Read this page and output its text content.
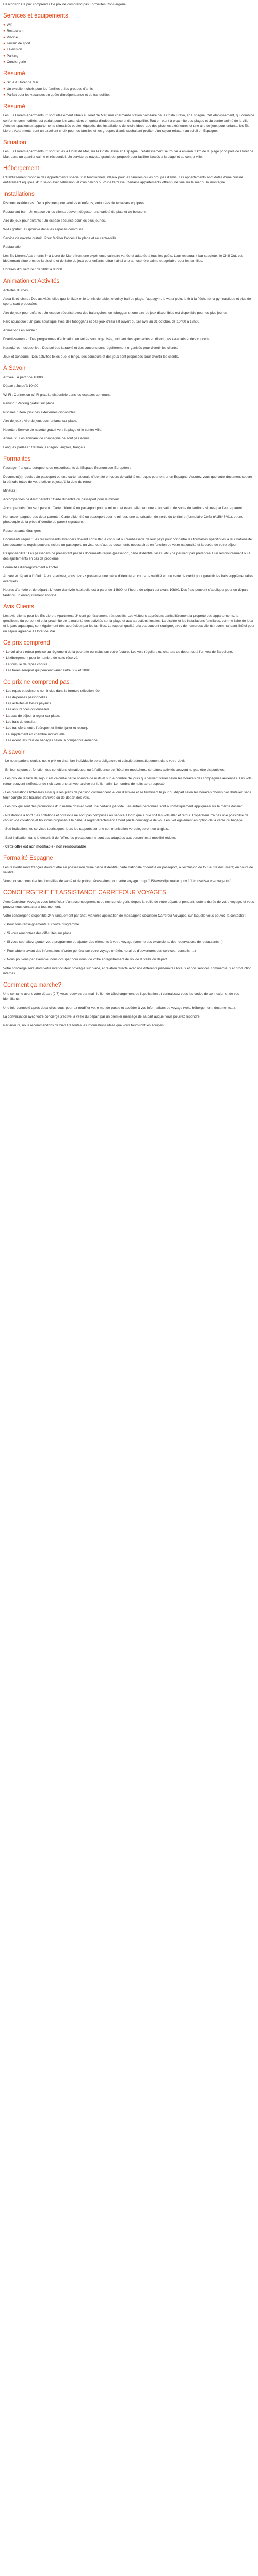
Description Ce prix comprend / Ce prix ne comprend pas Formalités Conciergerie

Services et équipements
● Wifi
● Restaurant
● Piscine
● Terrain de sport
● Télévision
● Parking
● Conciergerie
Résumé
● Situé à Lloret de Mar.
● Un excellent choix pour les familles et les groupes d'amis
● Parfait pour les vacances en quête d'indépendance et de tranquillité.
Résumé

Les Els Llorers Apartments 3* sont idéalement situés à Lloret de Mar, une charmante station balnéaire de la Costa Brava, en Espagne. Cet établissement, qui combine confort et commodités, est parfait pour les vacanciers en quête d'indépendance et de tranquillité. Tout en étant à proximité des plages et du centre animé de la ville. Avec de spacieuses appartements climatisés et bien équipés, des installations de loisirs idées que des piscines extérieures et une aire de jeux pour enfants, les Els Llorers Apartments sont un excellent choix pour les familles et les groupes d'amis souhaitant profiter d'un séjour relaxant au soleil en Espagne.

Situation

Les Els Llorers Apartments 3* sont situés à Lloret de Mar, sur la Costa Brava en Espagne. L'établissement se trouve à environ 1 km de la plage principale de Lloret de Mar, dans un quartier calme et résidentiel. Un service de navette gratuit est proposé pour faciliter l'accès à la plage et au centre-ville.

Hébergement

L'établissement propose des appartements spacieux et fonctionnels, idéaux pour les familles ou les groupes d'amis. Les appartements sont dotés d'une cuisine entièrement équipée, d'un salon avec télévision, et d'un balcon ou d'une terrasse. Certains appartements offrent une vue sur la mer ou la montagne.

Installations

Piscines extérieures : Deux piscines pour adultes et enfants, entourées de terrasses équipées.

Restaurant-bar : Un espace où les clients peuvent déguster une variété de plats et de boissons.

Aire de jeux pour enfants : Un espace sécurisé pour les plus jeunes.

Wi-Fi gratuit : Disponible dans les espaces communs.

Service de navette gratuit : Pour faciliter l'accès à la plage et au centre-ville.

Restauration

Les Els Llorers Apartments 3* à Lloret de Mar offrent une expérience culinaire variée et adaptée à tous les goûts. Leur restaurant-bar spacieux, le Chill Out, est idéalement situé près de la piscine et de l'aire de jeux pour enfants, offrant ainsi une atmosphère calme et agréable pour les familles.

Horaires d'ouverture : de 9h00 à 00h00.

Animation et Activités

Activités diurnes :

Aqua-fit et loisirs : Des activités telles que le tiktok et le tennis de table, le volley-ball de plage, l'aquagym, le water polo, le tir à la fléchette, la gymnastique et plus de sports sont proposées.

Aire de jeux pour enfants : Un espace sécurisé avec des balançoires, un toboggan et une aire de jeux disponibles est disponible pour les plus jeunes.

Parc aquatique : Un parc aquatique avec des toboggans et des jeux d'eau est ouvert du 1er avril au 31 octobre, de 10h00 à 19h00.

Animations en soirée :

Divertissements : Des programmes d'animation en soirée sont organisés, incluant des spectacles en direct, des karaokés et des concerts.

Karaoké et musique live : Des soirées karaoké et des concerts sont régulièrement organisés pour divertir les clients.

Jeux et concours : Des activités telles que le bingo, des concours et des jeux sont proposées pour divertir les clients.

À Savoir

Arrivée : À partir de 16h00

Départ : Jusqu'à 10h00

Wi-Fi : Connexion Wi-Fi gratuite disponible dans les espaces communs.

Parking : Parking gratuit sur place.

Piscines : Deux piscines extérieures disponibles.

Aire de jeux : Aire de jeux pour enfants sur place.

Navette : Service de navette gratuit vers la plage et le centre-ville.

Animaux : Les animaux de compagnie ne sont pas admis.

Langues parlées : Catalan, espagnol, anglais, français.

Formalités

Passager français, européens ou ressortissants de l'Espace Économique Européen :

Document(s) requis : Un passeport ou une carte nationale d'identité en cours de validité est requis pour entrer en Espagne. Assurez-vous que votre document couvre la période totale de votre séjour et jusqu'à la date de retour.

Mineurs :

Accompagnés de deux parents : Carte d'identité ou passeport pour le mineur.

Accompagnés d'un seul parent : Carte d'identité ou passeport pour le mineur, et éventuellement une autorisation de sortie du territoire signée par l'autre parent.

Non accompagnés des deux parents : Carte d'identité ou passeport pour le mineur, une autorisation de sortie du territoire (formulaire Cerfa n°15646*01), et une photocopie de la pièce d'identité du parent signataire.

Ressortissants étrangers :

Documents requis : Les ressortissants étrangers doivent consulter le consulat ou l'ambassade de leur pays pour connaître les formalités spécifiques à leur nationalité. Les documents requis peuvent inclure un passeport, un visa, ou d'autres documents nécessaires en fonction de votre nationalité et la durée de votre séjour.

Responsabilité : Les passagers ne présentant pas les documents requis (passeport, carte d'identité, visas, etc.) ne peuvent pas prétendre à un remboursement ou à des ajustements en cas de problème.

Formalités d'enregistrement à l'hôtel :

Arrivée et départ à l'hôtel : À votre arrivée, vous devrez présenter une pièce d'identité en cours de validité et une carte de crédit pour garantir les frais supplémentaires éventuels.

Heures d'arrivée et de départ : L'heure d'arrivée habituelle est à partir de 14h00, et l'heure de départ est avant 10h00. Des frais peuvent s'appliquer pour un départ tardif ou un enregistrement anticipé.

Avis Clients

Les avis clients pour les Els Llorers Apartments 3* sont généralement très positifs. Les visiteurs apprécient particulièrement la propreté des appartements, la gentillesse du personnel et la proximité de la majorité des activités sur la plage et aux attractions locales. La piscine et les installations familiales, comme l'aire de jeux et le parc aquatique, sont également très appréciées par les familles. Le rapport qualité-prix est souvent souligné, avec de nombreux clients recommandant l'hôtel pour un séjour agréable à Lloret de Mar.

Ce prix comprend
• Le vol aller / retour précisé au règlement de la pochette ou inclus sur votre facture. Les vols réguliers ou charters au départ ou à l'arrivée de Barcelone.
• L'hébergement pour le nombre de nuits réservé.
• La formule de repas choisie.
• Les taxes aéroport qui peuvent varier entre 30€ et 100€.
Ce prix ne comprend pas
• Les repas et boissons non inclus dans la formule sélectionnée.
• Les dépenses personnelles.
• Les activités et loisirs payants.
• Les assurances optionnelles.
• La taxe de séjour à régler sur place.
• Les frais de dossier.
• Les transferts entre l'aéroport et l'hôtel (aller et retour).
• Le supplément en chambre individuelle.
• Les éventuels frais de bagages selon la compagnie aérienne.
À savoir

- Le nous parlons seulez, notre prix en chambre individuelle sera obligatoire et calculé automatiquement dans votre devis.

- En leur séjours et fonction des conditions climatiques, ou à l'affluence de l'hôtel en mode/hors, certaines activités peuvent ne pas être disponibles.

- Les prix de la taxe de séjour est calculée par le nombre de nuits et sur le nombre de jours qui peuvent varier selon les horaires des compagnies aériennes. Les vols retour peuvent s'effectuer de nuit avec une arrivée tardive sur le lit matin. Le nombre de nuits sera respecté.

- Les prestations hôtelières ainsi que les plans de pension commencent le jour d'arrivée et se terminent le jour du départ selon les horaires choisis par l'hôtelier, sans tenir compte des horaires d'arrivée ou de départ des vols.

- Les prix qui sont des promotions d'un même dossier n'ont une certaine période. Les autres personnes sont automatiquement appliquées sur le même dossier.

- Prestations à bord : les collations et boissons ne sont pas comprises au service à bord quels que soit les vols aller et retour. L'opérateur n'a pas une possibilité de choisir vos collations et boissons proposés à la carte, à régler directement à bord par la compagnie de vous en. vol également en option de la vente du bagage.

- Sud Indication, les services touristiques leurs les rapports sur une communication verbale, seront en anglais.

- Sauf indication dans le descriptif de l'offre, les prestations ne sont pas adaptées aux personnes à mobilité réduite.

- Cette offre est non modifiable - non remboursable

Formalité Espagne

Les ressortissants français doivent être en possession d'une pièce d'identité (carte nationale d'identité ou passeport, à l'exclusion de tout autre document) en cours de validité.

Vous pouvez consulter les formalités de santé et de police nécessaires pour votre voyage : http://US/www.diplomatie.gouv.fr/fr/conseils-aux-voyageurs/

CONCIERGERIE ET ASSISTANCE CARREFOUR VOYAGES

Avec Carrefour Voyages vous bénéficiez d'un accompagnement de nos conciergerie depuis la veille de votre départ et pendant toute la durée de votre voyage, et vous pouvez nous contacter à tout moment.

Votre conciergerie disponible 24/7 uniquement par chat, via votre application de messagerie sécurisée Carrefour Voyages, sur laquelle vous pouvez la contacter :

✓ Pour tous renseignements sur votre programme

✓ Si vous rencontrez des difficultés sur place

✓ Si vous souhaitez ajouter votre programme ou ajouter des éléments à votre voyage (comme des excursions, des réservations de restaurants...)

✓ Pour obtenir avant des informations d'ordre général sur votre voyage (météo, horaires d'ouvertures des services, conseils, ...)

✓ Nous pouvons par exemple, nous occuper pour vous, de votre enregistrement de vol de la veille du départ

Votre concierge sera alors votre interlocuteur privilégié sur place, et relation directe avec nos différents partenaires locaux et nos services commerciaux et production internes.

Comment ça marche?

Une semaine avant votre départ (J-7) vous recevrez par mail, le lien de téléchargement de l'application et connaissez-vous les codes de connexion et de vos identifiants.

Une fois connecté après deux clics, vous pourrez modifier votre mot de passe et accéder à vos informations de voyage (vols, hébergement, documents...).

La conversation avec votre concierge s'active la veille du départ par un premier message de sa part auquel vous pourrez répondre.

Par ailleurs, nous recommandons de bien lire toutes les informations utiles que vous fourniront les équipes.
